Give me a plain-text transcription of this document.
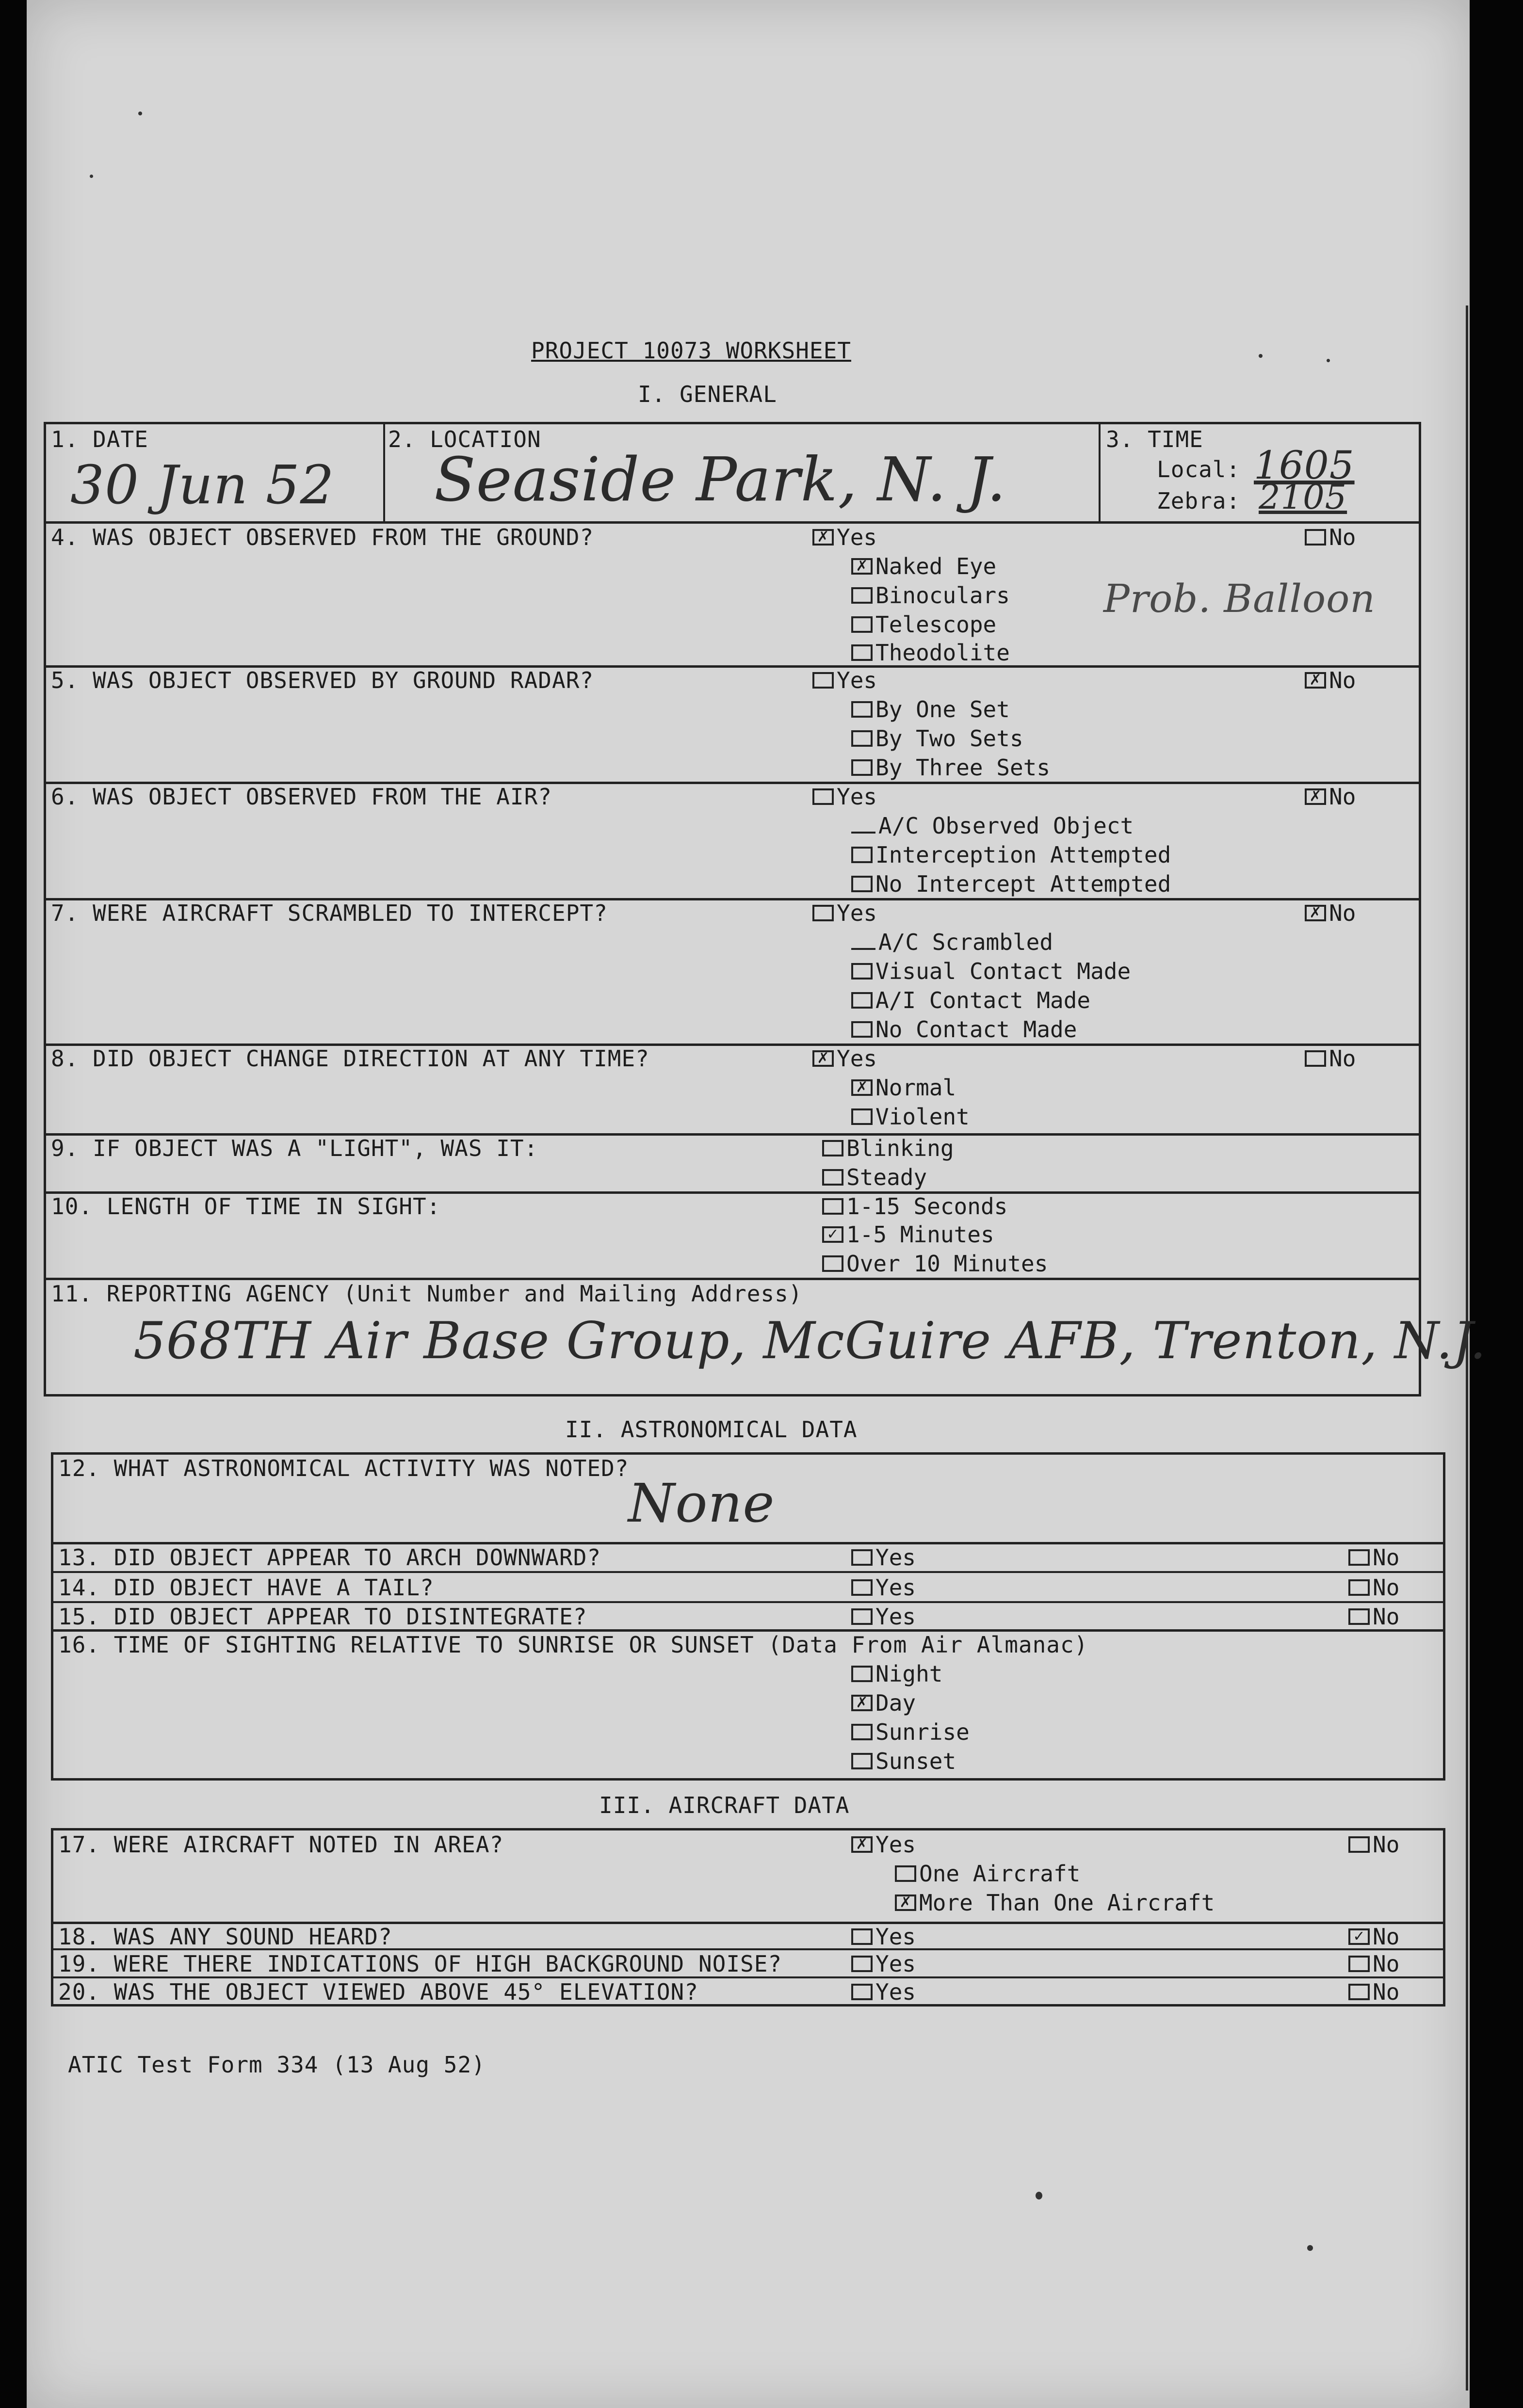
PROJECT 10073 WORKSHEET
I. GENERAL
1. DATE
30 Jun 52
2. LOCATION
Seaside Park, N. J.
3. TIME
Local: 1605
Zebra: 2105
4. WAS OBJECT OBSERVED FROM THE GROUND?	✗ Yes	No
✗ Naked Eye
Binoculars
Telescope
Theodolite
Prob. Balloon
5. WAS OBJECT OBSERVED BY GROUND RADAR?	Yes	✗ No
By One Set
By Two Sets
By Three Sets
6. WAS OBJECT OBSERVED FROM THE AIR?	Yes	✗ No
A/C Observed Object
Interception Attempted
No Intercept Attempted
7. WERE AIRCRAFT SCRAMBLED TO INTERCEPT?	Yes	✗ No
A/C Scrambled
Visual Contact Made
A/I Contact Made
No Contact Made
8. DID OBJECT CHANGE DIRECTION AT ANY TIME?	✗ Yes	No
✗ Normal
Violent
9. IF OBJECT WAS A "LIGHT", WAS IT:	Blinking
Steady
10. LENGTH OF TIME IN SIGHT:	1-15 Seconds
✓ 1-5 Minutes
Over 10 Minutes
11. REPORTING AGENCY (Unit Number and Mailing Address)
568TH Air Base Group, McGuire AFB, Trenton, N.J.
II. ASTRONOMICAL DATA
12. WHAT ASTRONOMICAL ACTIVITY WAS NOTED?
None
13. DID OBJECT APPEAR TO ARCH DOWNWARD?	Yes	No
14. DID OBJECT HAVE A TAIL?	Yes	No
15. DID OBJECT APPEAR TO DISINTEGRATE?	Yes	No
16. TIME OF SIGHTING RELATIVE TO SUNRISE OR SUNSET (Data From Air Almanac)
Night
✗ Day
Sunrise
Sunset
III. AIRCRAFT DATA
17. WERE AIRCRAFT NOTED IN AREA?	✗ Yes	No
One Aircraft
✗ More Than One Aircraft
18. WAS ANY SOUND HEARD?	Yes	✓ No
19. WERE THERE INDICATIONS OF HIGH BACKGROUND NOISE?	Yes	No
20. WAS THE OBJECT VIEWED ABOVE 45° ELEVATION?	Yes	No
ATIC Test Form 334 (13 Aug 52)
